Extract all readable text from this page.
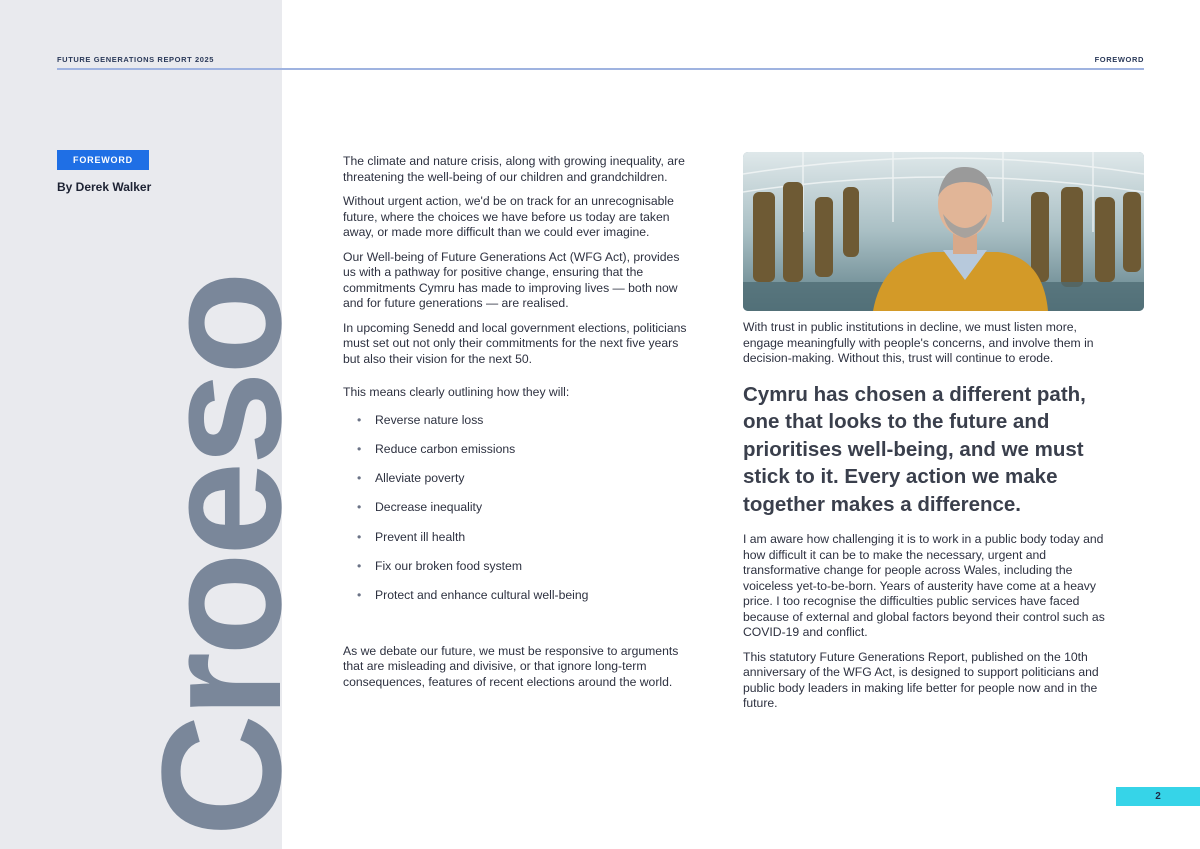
FUTURE GENERATIONS REPORT 2025	FOREWORD
FOREWORD
By Derek Walker
Croeso

The climate and nature crisis, along with growing inequality, are threatening the well-being of our children and grandchildren.

Without urgent action, we'd be on track for an unrecognisable future, where the choices we have before us today are taken away, or made more difficult than we could ever imagine.

Our Well-being of Future Generations Act (WFG Act), provides us with a pathway for positive change, ensuring that the commitments Cymru has made to improving lives — both now and for future generations — are realised.

In upcoming Senedd and local government elections, politicians must set out not only their commitments for the next five years but also their vision for the next 50.

This means clearly outlining how they will:

• Reverse nature loss
• Reduce carbon emissions
• Alleviate poverty
• Decrease inequality
• Prevent ill health
• Fix our broken food system
• Protect and enhance cultural well-being

As we debate our future, we must be responsive to arguments that are misleading and divisive, or that ignore long-term consequences, features of recent elections around the world.

With trust in public institutions in decline, we must listen more, engage meaningfully with people's concerns, and involve them in decision-making. Without this, trust will continue to erode.

Cymru has chosen a different path, one that looks to the future and prioritises well-being, and we must stick to it. Every action we make together makes a difference.

I am aware how challenging it is to work in a public body today and how difficult it can be to make the necessary, urgent and transformative change for people across Wales, including the voiceless yet-to-be-born. Years of austerity have come at a heavy price. I too recognise the difficulties public services have faced because of external and global factors beyond their control such as COVID-19 and conflict.

This statutory Future Generations Report, published on the 10th anniversary of the WFG Act, is designed to support politicians and public body leaders in making life better for people now and in the future.

2
